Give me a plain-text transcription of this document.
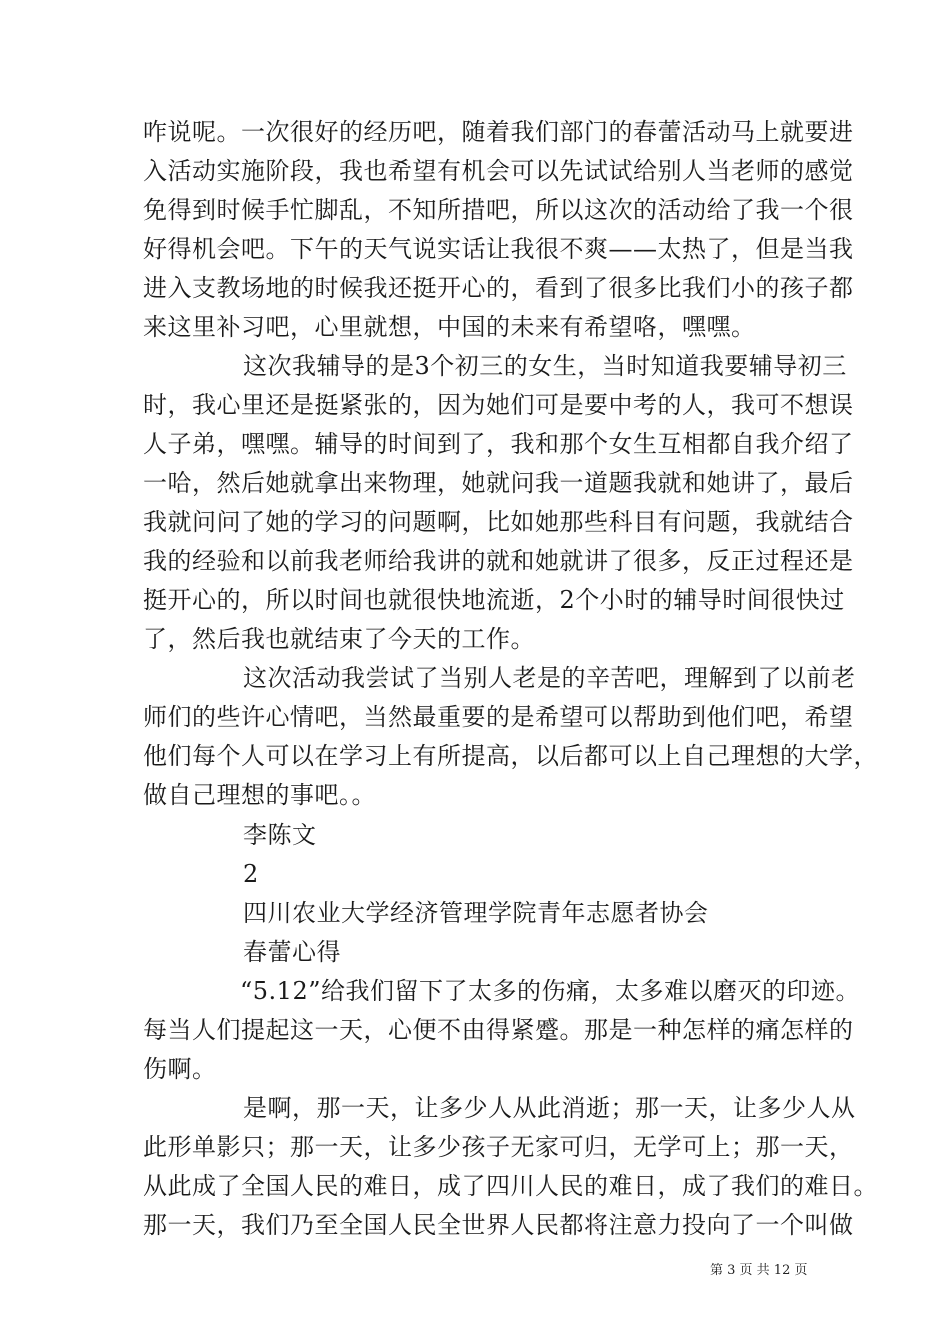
咋说呢。一次很好的经历吧，随着我们部门的春蕾活动马上就要进
入活动实施阶段，我也希望有机会可以先试试给别人当老师的感觉
免得到时候手忙脚乱，不知所措吧，所以这次的活动给了我一个很
好得机会吧。下午的天气说实话让我很不爽——太热了，但是当我
进入支教场地的时候我还挺开心的，看到了很多比我们小的孩子都
来这里补习吧，心里就想，中国的未来有希望咯，嘿嘿。
这次我辅导的是3个初三的女生，当时知道我要辅导初三
时，我心里还是挺紧张的，因为她们可是要中考的人，我可不想误
人子弟，嘿嘿。辅导的时间到了，我和那个女生互相都自我介绍了
一哈，然后她就拿出来物理，她就问我一道题我就和她讲了，最后
我就问问了她的学习的问题啊，比如她那些科目有问题，我就结合
我的经验和以前我老师给我讲的就和她就讲了很多，反正过程还是
挺开心的，所以时间也就很快地流逝，2个小时的辅导时间很快过
了，然后我也就结束了今天的工作。
这次活动我尝试了当别人老是的辛苦吧，理解到了以前老
师们的些许心情吧，当然最重要的是希望可以帮助到他们吧，希望
他们每个人可以在学习上有所提高，以后都可以上自己理想的大学，
做自己理想的事吧。。
李陈文
2
四川农业大学经济管理学院青年志愿者协会
春蕾心得
“5.12”给我们留下了太多的伤痛，太多难以磨灭的印迹。
每当人们提起这一天，心便不由得紧蹙。那是一种怎样的痛怎样的
伤啊。
是啊，那一天，让多少人从此消逝；那一天，让多少人从
此形单影只；那一天，让多少孩子无家可归，无学可上；那一天，
从此成了全国人民的难日，成了四川人民的难日，成了我们的难日。
那一天，我们乃至全国人民全世界人民都将注意力投向了一个叫做
第 3 页 共 12 页
